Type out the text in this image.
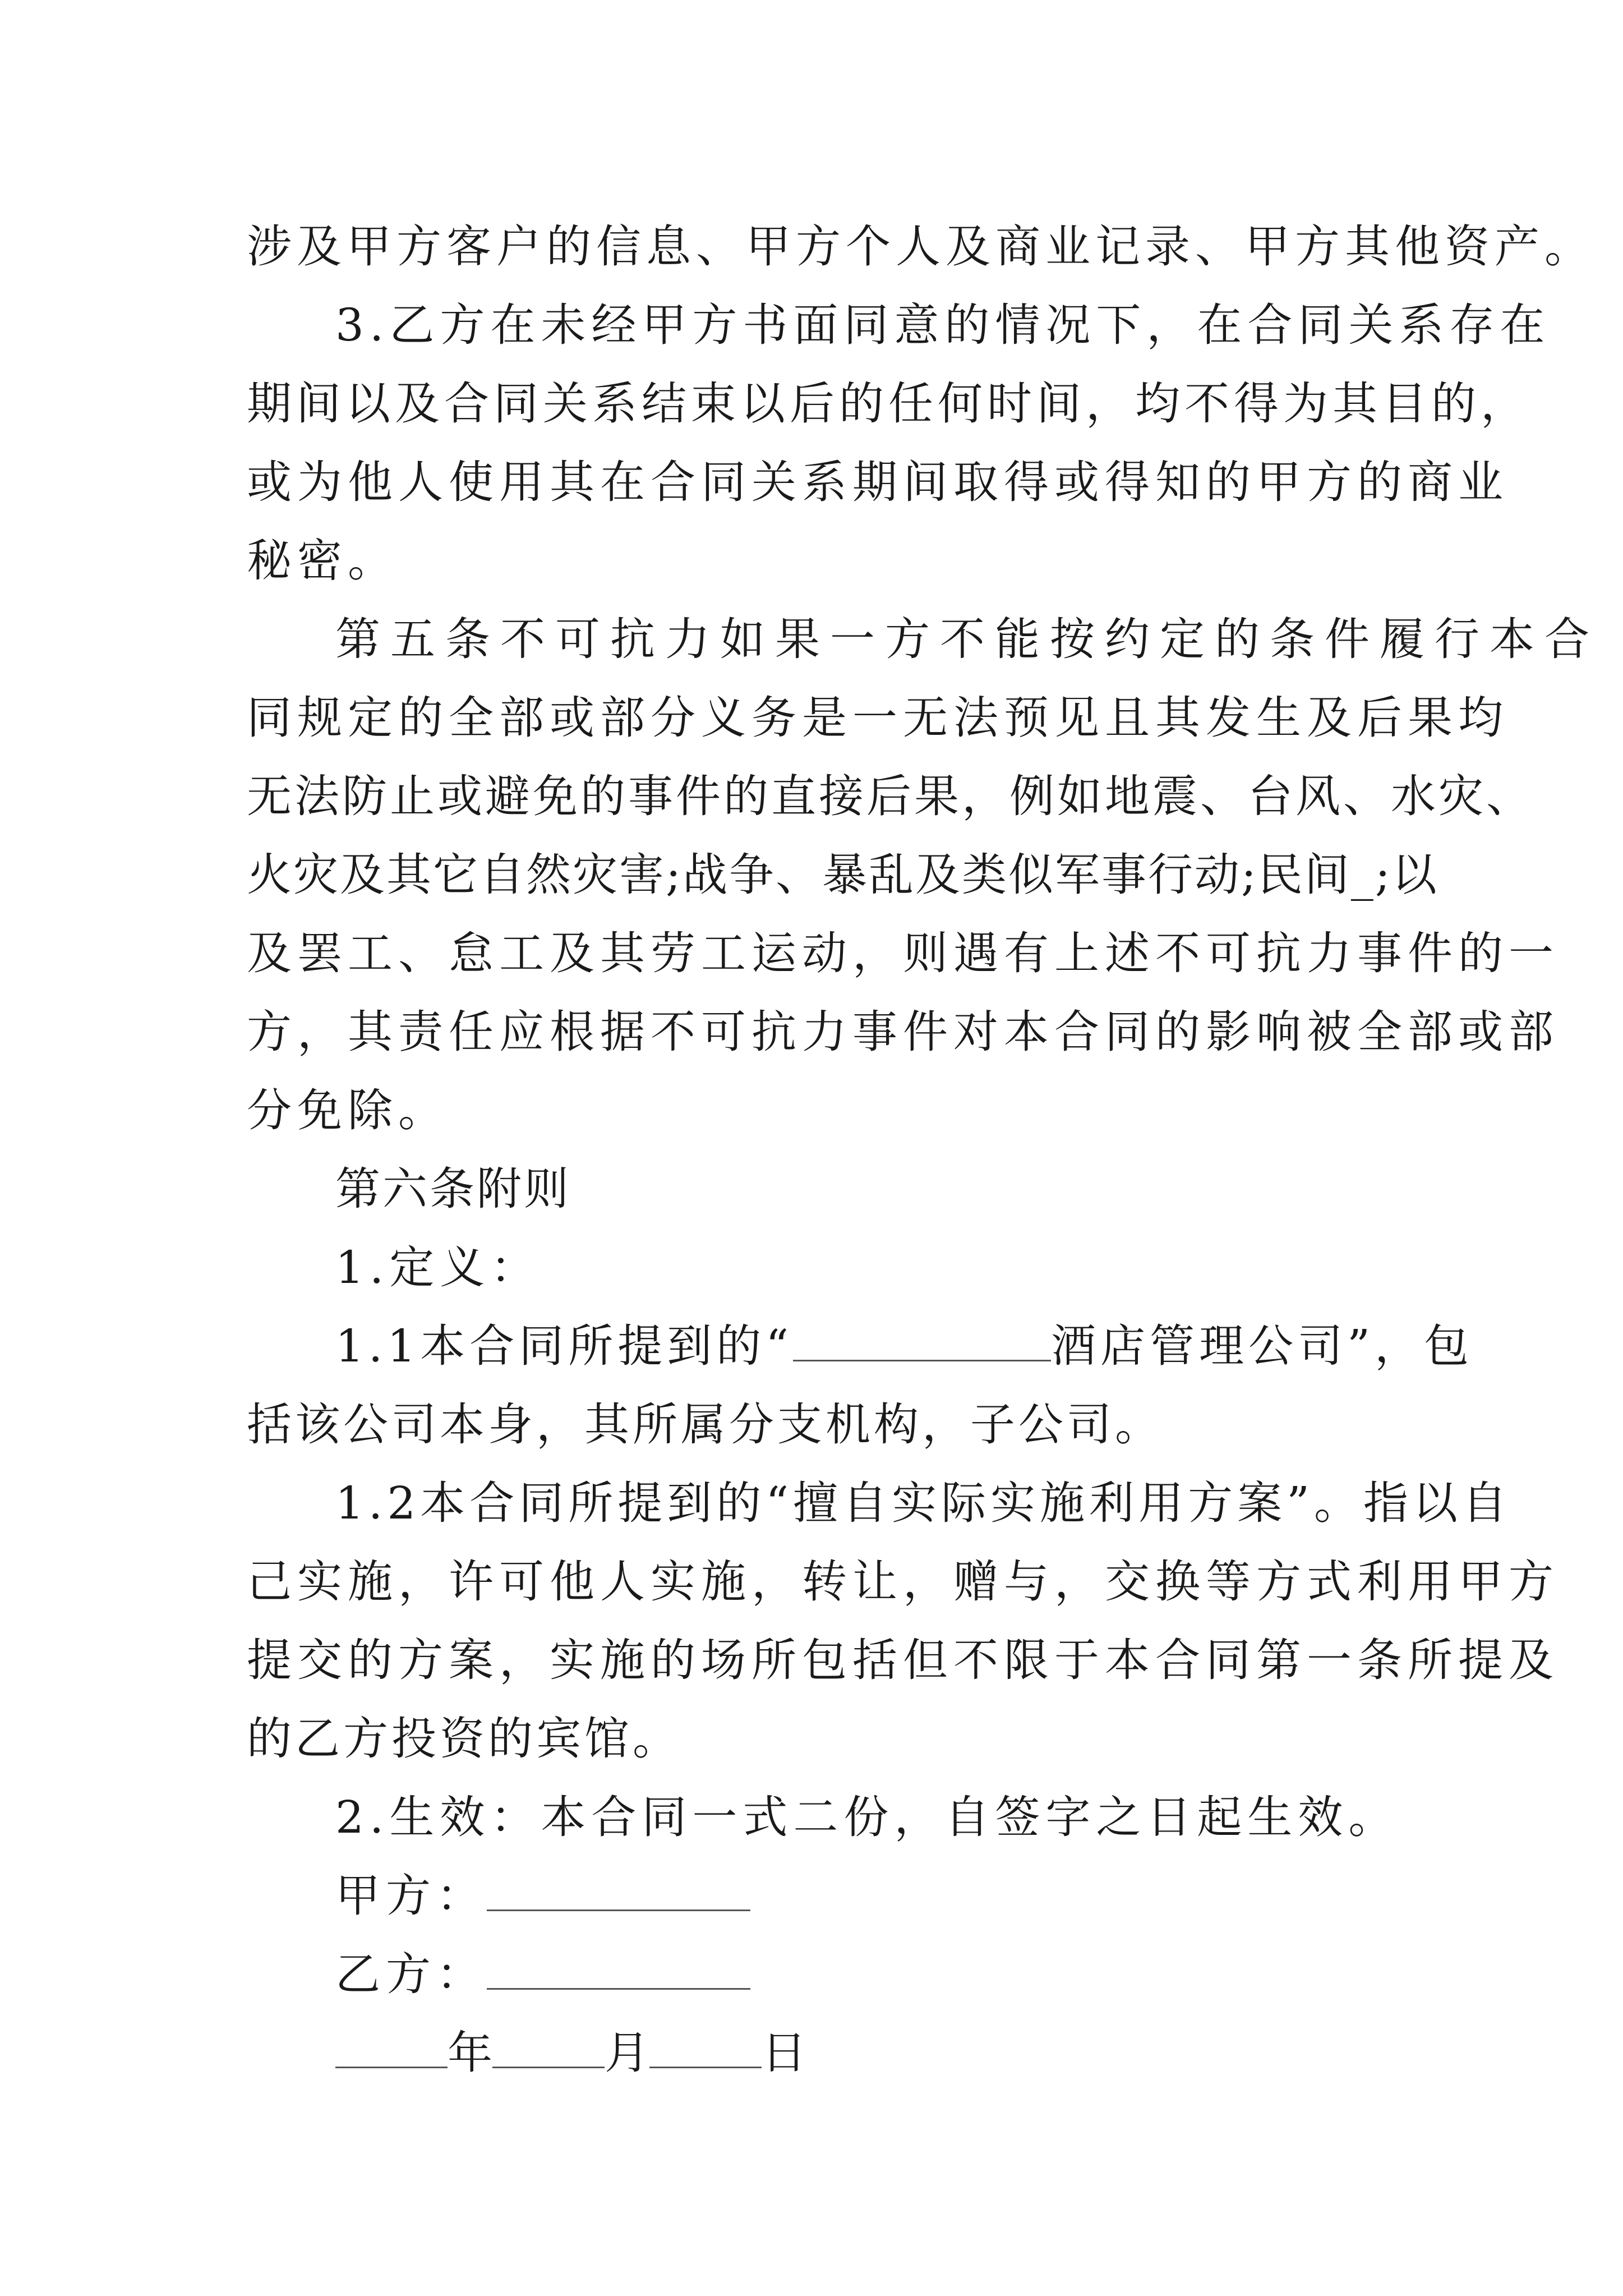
涉及甲方客户的信息、甲方个人及商业记录、甲方其他资产。
3.乙方在未经甲方书面同意的情况下，在合同关系存在
期间以及合同关系结束以后的任何时间，均不得为其目的，
或为他人使用其在合同关系期间取得或得知的甲方的商业
秘密。
第五条不可抗力如果一方不能按约定的条件履行本合
同规定的全部或部分义务是一无法预见且其发生及后果均
无法防止或避免的事件的直接后果，例如地震、台风、水灾、
火灾及其它自然灾害;战争、暴乱及类似军事行动;民间_;以
及罢工、怠工及其劳工运动，则遇有上述不可抗力事件的一
方，其责任应根据不可抗力事件对本合同的影响被全部或部
分免除。
第六条附则
1.定义：
1.1本合同所提到的“	酒店管理公司”，包
括该公司本身，其所属分支机构，子公司。
1.2本合同所提到的“擅自实际实施利用方案”。指以自
己实施，许可他人实施，转让，赠与，交换等方式利用甲方
提交的方案，实施的场所包括但不限于本合同第一条所提及
的乙方投资的宾馆。
2.生效：本合同一式二份，自签字之日起生效。
甲方：
乙方：
年	月	日
